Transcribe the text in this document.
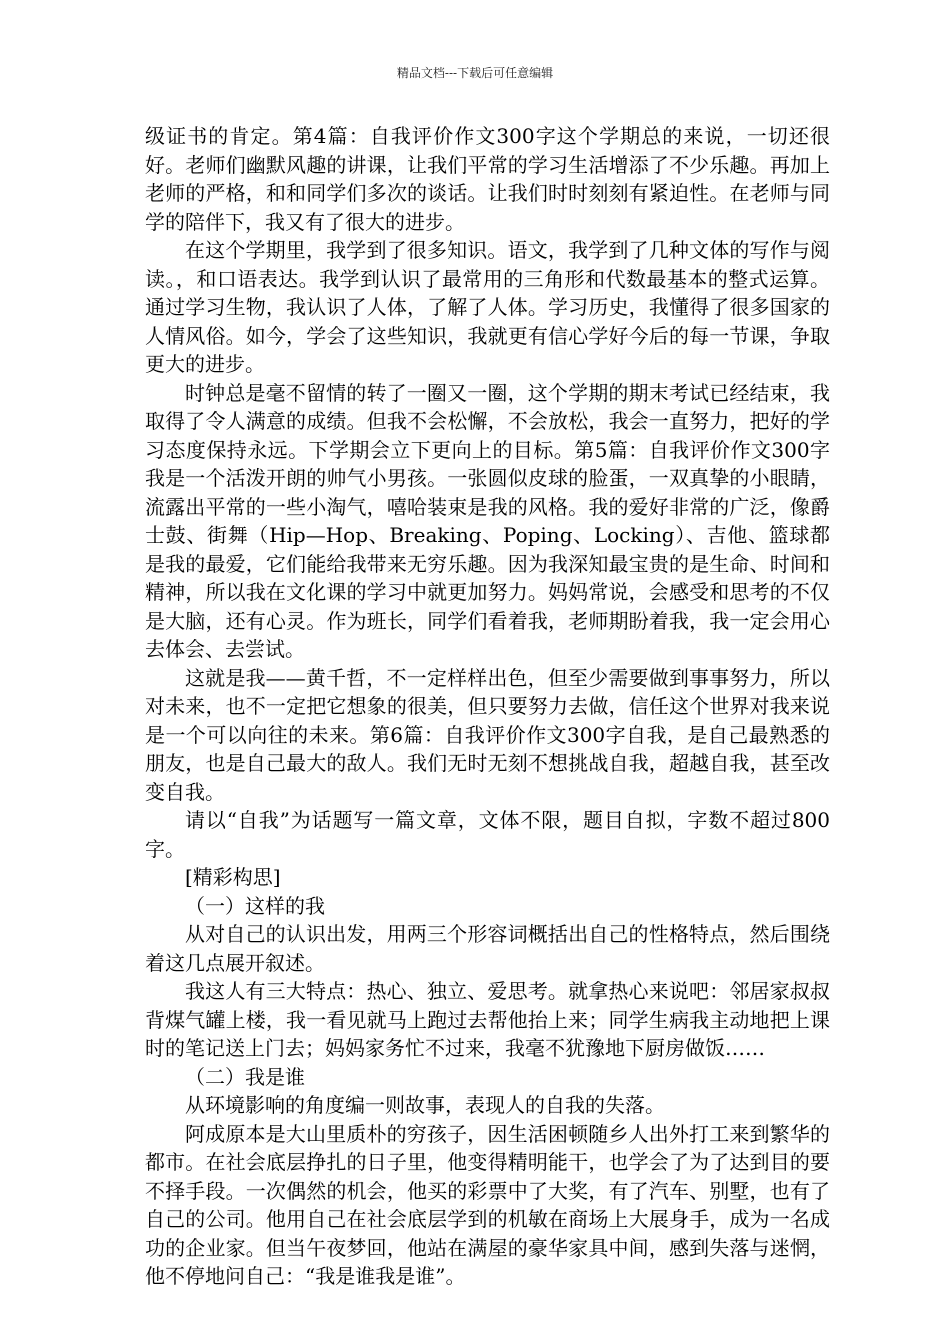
精品文档---下载后可任意编辑

级证书的肯定。第4篇：自我评价作文300字这个学期总的来说，一切还很好。老师们幽默风趣的讲课，让我们平常的学习生活增添了不少乐趣。再加上老师的严格，和和同学们多次的谈话。让我们时时刻刻有紧迫性。在老师与同学的陪伴下，我又有了很大的进步。

在这个学期里，我学到了很多知识。语文，我学到了几种文体的写作与阅读。，和口语表达。我学到认识了最常用的三角形和代数最基本的整式运算。通过学习生物，我认识了人体，了解了人体。学习历史，我懂得了很多国家的人情风俗。如今，学会了这些知识，我就更有信心学好今后的每一节课，争取更大的进步。

时钟总是毫不留情的转了一圈又一圈，这个学期的期末考试已经结束，我取得了令人满意的成绩。但我不会松懈，不会放松，我会一直努力，把好的学习态度保持永远。下学期会立下更向上的目标。第5篇：自我评价作文300字我是一个活泼开朗的帅气小男孩。一张圆似皮球的脸蛋，一双真挚的小眼睛，流露出平常的一些小淘气，嘻哈装束是我的风格。我的爱好非常的广泛，像爵士鼓、街舞（Hip—Hop、Breaking、Poping、Locking）、吉他、篮球都是我的最爱，它们能给我带来无穷乐趣。因为我深知最宝贵的是生命、时间和精神，所以我在文化课的学习中就更加努力。妈妈常说，会感受和思考的不仅是大脑，还有心灵。作为班长，同学们看着我，老师期盼着我，我一定会用心去体会、去尝试。

这就是我——黄千哲，不一定样样出色，但至少需要做到事事努力，所以对未来，也不一定把它想象的很美，但只要努力去做，信任这个世界对我来说是一个可以向往的未来。第6篇：自我评价作文300字自我，是自己最熟悉的朋友，也是自己最大的敌人。我们无时无刻不想挑战自我，超越自我，甚至改变自我。

请以“自我”为话题写一篇文章，文体不限，题目自拟，字数不超过800字。

[精彩构思]

（一）这样的我

从对自己的认识出发，用两三个形容词概括出自己的性格特点，然后围绕着这几点展开叙述。

我这人有三大特点：热心、独立、爱思考。就拿热心来说吧：邻居家叔叔背煤气罐上楼，我一看见就马上跑过去帮他抬上来；同学生病我主动地把上课时的笔记送上门去；妈妈家务忙不过来，我毫不犹豫地下厨房做饭……

（二）我是谁

从环境影响的角度编一则故事，表现人的自我的失落。

阿成原本是大山里质朴的穷孩子，因生活困顿随乡人出外打工来到繁华的都市。在社会底层挣扎的日子里，他变得精明能干，也学会了为了达到目的要不择手段。一次偶然的机会，他买的彩票中了大奖，有了汽车、别墅，也有了自己的公司。他用自己在社会底层学到的机敏在商场上大展身手，成为一名成功的企业家。但当午夜梦回，他站在满屋的豪华家具中间，感到失落与迷惘，他不停地问自己：“我是谁我是谁”。
